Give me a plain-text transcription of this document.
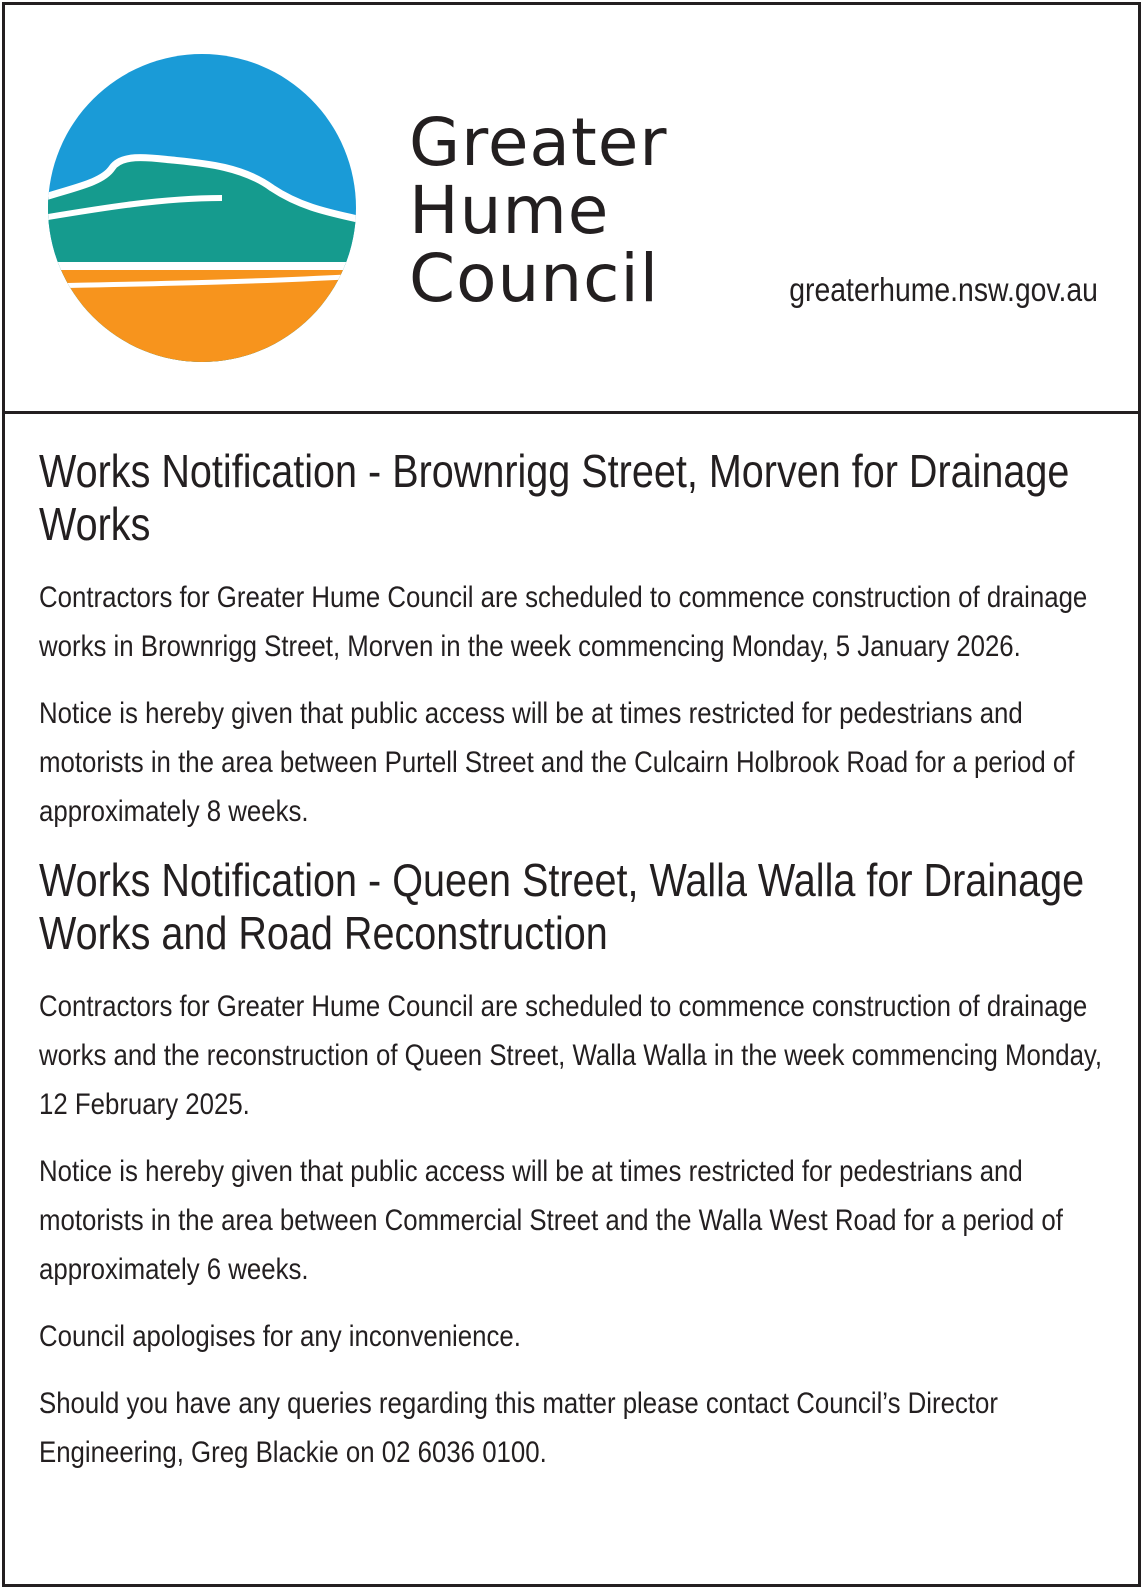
Greater
Hume
Council	greaterhume.nsw.gov.au
Works Notification - Brownrigg Street, Morven for Drainage Works

Contractors for Greater Hume Council are scheduled to commence construction of drainage works in Brownrigg Street, Morven in the week commencing Monday, 5 January 2026.

Notice is hereby given that public access will be at times restricted for pedestrians and motorists in the area between Purtell Street and the Culcairn Holbrook Road for a period of approximately 8 weeks.

Works Notification - Queen Street, Walla Walla for Drainage Works and Road Reconstruction

Contractors for Greater Hume Council are scheduled to commence construction of drainage works and the reconstruction of Queen Street, Walla Walla in the week commencing Monday, 12 February 2025.

Notice is hereby given that public access will be at times restricted for pedestrians and motorists in the area between Commercial Street and the Walla West Road for a period of approximately 6 weeks.

Council apologises for any inconvenience.

Should you have any queries regarding this matter please contact Council’s Director Engineering, Greg Blackie on 02 6036 0100.
